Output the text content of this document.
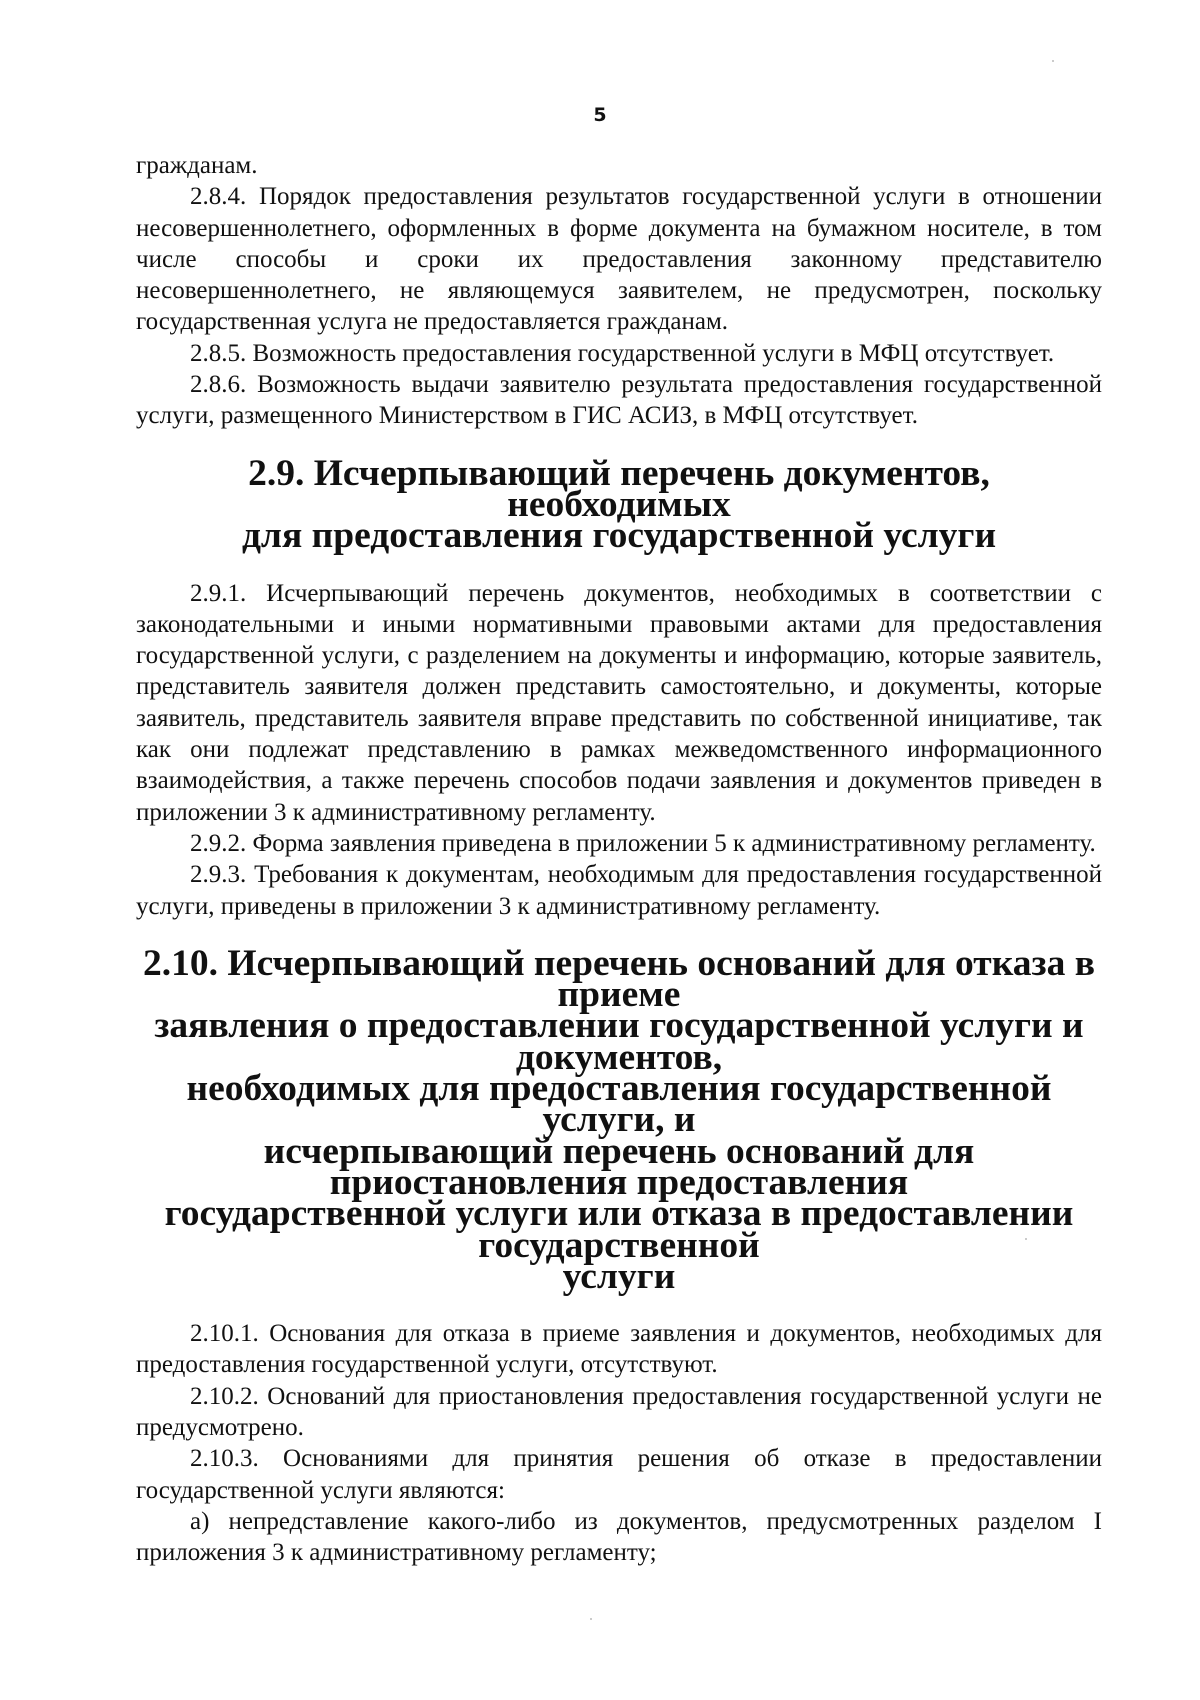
5

гражданам.

2.8.4. Порядок предоставления результатов государственной услуги в отношении несовершеннолетнего, оформленных в форме документа на бумажном носителе, в том числе способы и сроки их предоставления законному представителю несовершеннолетнего, не являющемуся заявителем, не предусмотрен, поскольку государственная услуга не предоставляется гражданам.

2.8.5. Возможность предоставления государственной услуги в МФЦ отсутствует.

2.8.6. Возможность выдачи заявителю результата предоставления государственной услуги, размещенного Министерством в ГИС АСИЗ, в МФЦ отсутствует.

2.9. Исчерпывающий перечень документов, необходимых
для предоставления государственной услуги

2.9.1. Исчерпывающий перечень документов, необходимых в соответствии с законодательными и иными нормативными правовыми актами для предоставления государственной услуги, с разделением на документы и информацию, которые заявитель, представитель заявителя должен представить самостоятельно, и документы, которые заявитель, представитель заявителя вправе представить по собственной инициативе, так как они подлежат представлению в рамках межведомственного информационного взаимодействия, а также перечень способов подачи заявления и документов приведен в приложении 3 к административному регламенту.

2.9.2. Форма заявления приведена в приложении 5 к административному регламенту.

2.9.3. Требования к документам, необходимым для предоставления государственной услуги, приведены в приложении 3 к административному регламенту.

2.10. Исчерпывающий перечень оснований для отказа в приеме
заявления о предоставлении государственной услуги и документов,
необходимых для предоставления государственной услуги, и
исчерпывающий перечень оснований для приостановления предоставления
государственной услуги или отказа в предоставлении государственной
услуги

2.10.1. Основания для отказа в приеме заявления и документов, необходимых для предоставления государственной услуги, отсутствуют.

2.10.2. Оснований для приостановления предоставления государственной услуги не предусмотрено.

2.10.3. Основаниями для принятия решения об отказе в предоставлении государственной услуги являются:

а) непредставление какого-либо из документов, предусмотренных разделом I приложения 3 к административному регламенту;
